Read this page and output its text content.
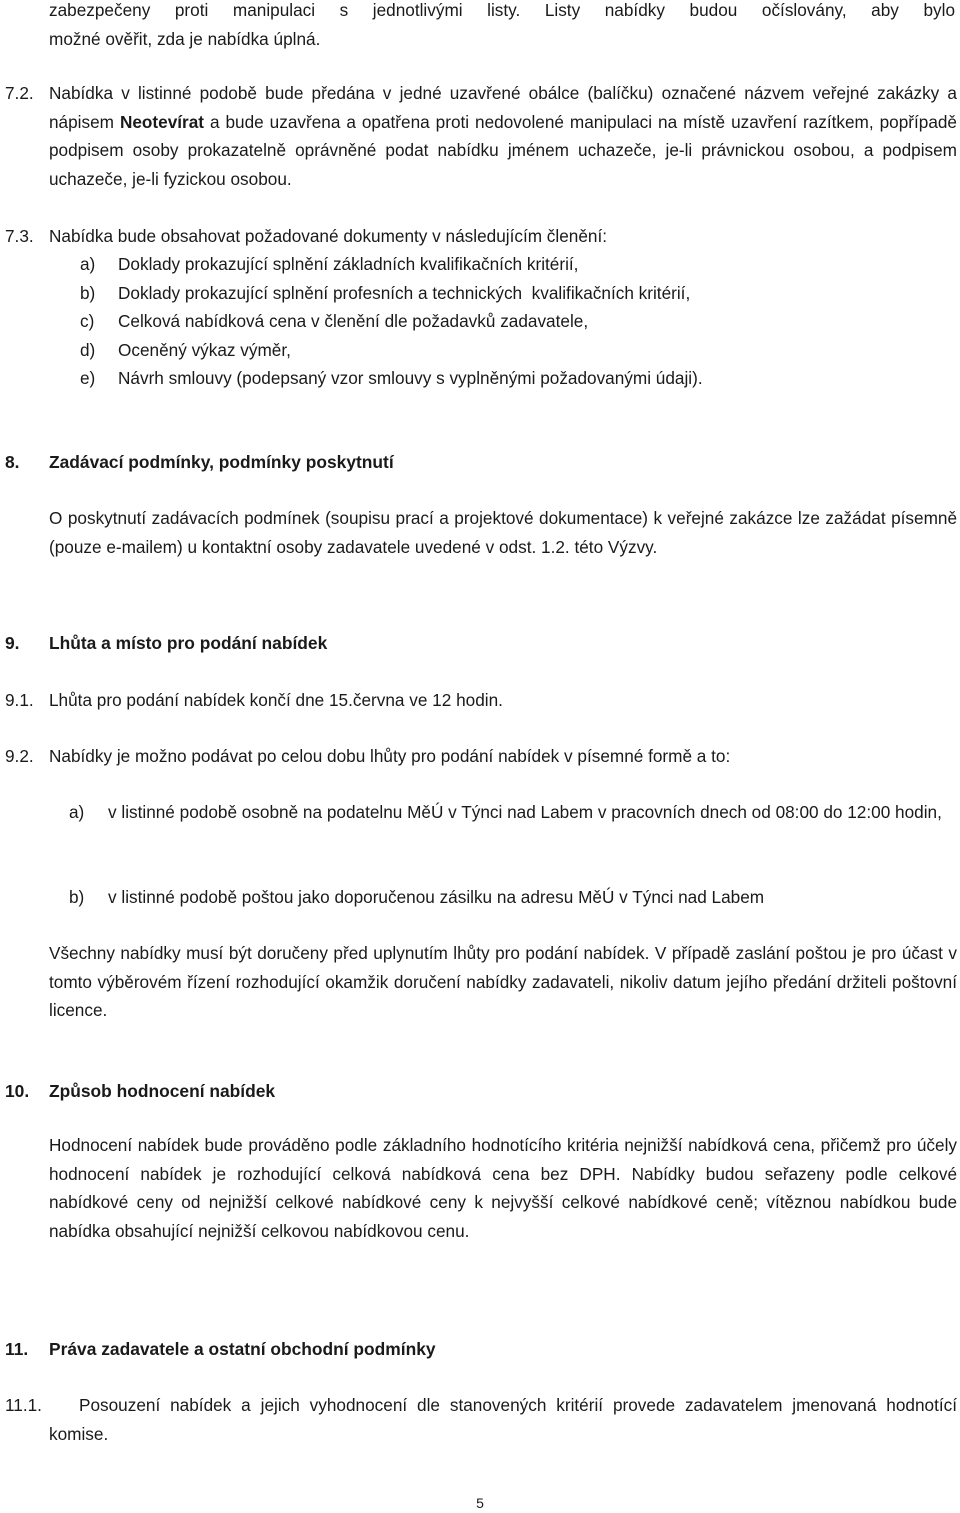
zabezpečeny proti manipulaci s jednotlivými listy. Listy nabídky budou očíslovány, aby bylo
možné ověřit, zda je nabídka úplná.
7.2. Nabídka v listinné podobě bude předána v jedné uzavřené obálce (balíčku) označené názvem veřejné zakázky a nápisem Neotevírat a bude uzavřena a opatřena proti nedovolené manipulaci na místě uzavření razítkem, popřípadě podpisem osoby prokazatelně oprávněné podat nabídku jménem uchazeče, je-li právnickou osobou, a podpisem uchazeče, je-li fyzickou osobou.
7.3. Nabídka bude obsahovat požadované dokumenty v následujícím členění:
a) Doklady prokazující splnění základních kvalifikačních kritérií,
b) Doklady prokazující splnění profesních a technických  kvalifikačních kritérií,
c) Celková nabídková cena v členění dle požadavků zadavatele,
d) Oceněný výkaz výměr,
e) Návrh smlouvy (podepsaný vzor smlouvy s vyplněnými požadovanými údaji).
8. Zadávací podmínky, podmínky poskytnutí
O poskytnutí zadávacích podmínek (soupisu prací a projektové dokumentace) k veřejné zakázce lze zažádat písemně (pouze e-mailem) u kontaktní osoby zadavatele uvedené v odst. 1.2. této Výzvy.
9. Lhůta a místo pro podání nabídek
9.1. Lhůta pro podání nabídek končí dne 15.června ve 12 hodin.
9.2. Nabídky je možno podávat po celou dobu lhůty pro podání nabídek v písemné formě a to:
a) v listinné podobě osobně na podatelnu MěÚ v Týnci nad Labem v pracovních dnech od 08:00 do 12:00 hodin,
b) v listinné podobě poštou jako doporučenou zásilku na adresu MěÚ v Týnci nad Labem
Všechny nabídky musí být doručeny před uplynutím lhůty pro podání nabídek. V případě zaslání poštou je pro účast v tomto výběrovém řízení rozhodující okamžik doručení nabídky zadavateli, nikoliv datum jejího předání držiteli poštovní licence.
10. Způsob hodnocení nabídek
Hodnocení nabídek bude prováděno podle základního hodnotícího kritéria nejnižší nabídková cena, přičemž pro účely hodnocení nabídek je rozhodující celková nabídková cena bez DPH. Nabídky budou seřazeny podle celkové nabídkové ceny od nejnižší celkové nabídkové ceny k nejvyšší celkové nabídkové ceně; vítěznou nabídkou bude nabídka obsahující nejnižší celkovou nabídkovou cenu.
11. Práva zadavatele a ostatní obchodní podmínky
11.1.	Posouzení nabídek a jejich vyhodnocení dle stanovených kritérií provede zadavatelem jmenovaná hodnotící komise.
5
